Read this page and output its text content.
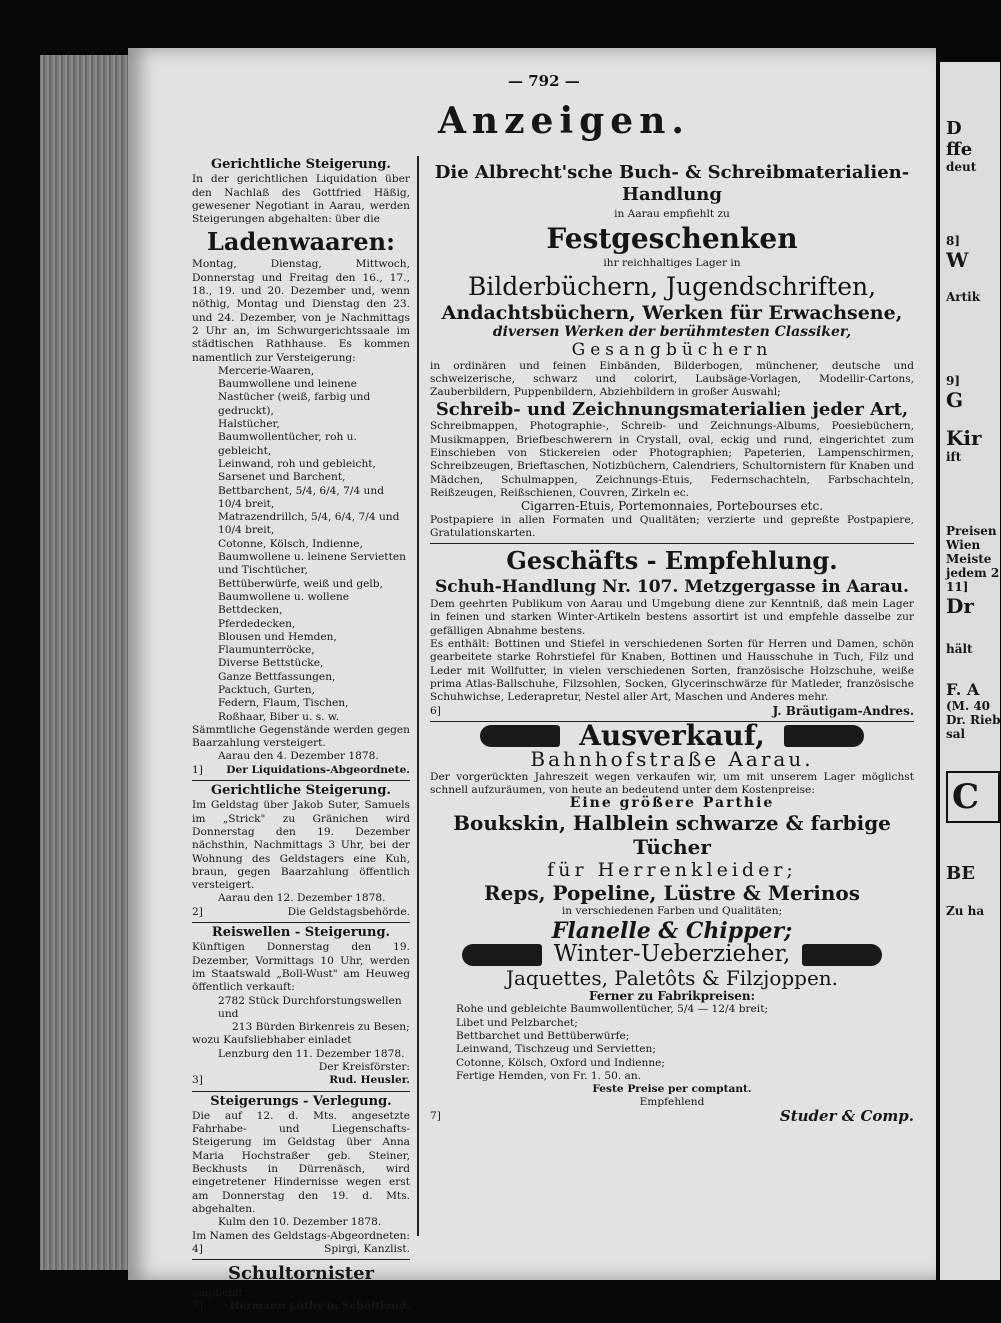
— 792 —
Anzeigen.
Gerichtliche Steigerung.
In der gerichtlichen Liquidation über den Nachlaß des Gottfried Häßig, gewesener Negotiant in Aarau, werden Steigerungen abgehalten: über die
Ladenwaaren:
Montag, Dienstag, Mittwoch, Donnerstag und Freitag den 16., 17., 18., 19. und 20. Dezember und, wenn nöthig, Montag und Dienstag den 23. und 24. Dezember, von je Nachmittags 2 Uhr an, im Schwurgerichtssaale im städtischen Rathhause. Es kommen namentlich zur Versteigerung:
Mercerie-Waaren,
Baumwollene und leinene Nastücher (weiß, farbig und gedruckt),
Halstücher,
Baumwollentücher, roh u. gebleicht,
Leinwand, roh und gebleicht,
Sarsenet und Barchent,
Bettbarchent, 5/4, 6/4, 7/4 und 10/4 breit,
Matrazendrillch, 5/4, 6/4, 7/4 und 10/4 breit,
Cotonne, Kölsch, Indienne,
Baumwollene u. leinene Servietten und Tischtücher,
Bettüberwürfe, weiß und gelb,
Baumwollene u. wollene Bettdecken,
Pferdedecken,
Blousen und Hemden,
Flaumunterröcke,
Diverse Bettstücke,
Ganze Bettfassungen,
Packtuch, Gurten,
Federn, Flaum, Tischen,
Roßhaar, Biber u. s. w.
Sämmtliche Gegenstände werden gegen Baarzahlung versteigert.
Aarau den 4. Dezember 1878.
1] Der Liquidations-Abgeordnete.
Gerichtliche Steigerung.
Im Geldstag über Jakob Suter, Samuels im „Strick" zu Gränichen wird Donnerstag den 19. Dezember nächsthin, Nachmittags 3 Uhr, bei der Wohnung des Geldstagers eine Kuh, braun, gegen Baarzahlung öffentlich versteigert.
Aarau den 12. Dezember 1878.
2]	Die Geldstagsbehörde.
Reiswellen - Steigerung.
Künftigen Donnerstag den 19. Dezember, Vormittags 10 Uhr, werden im Staatswald „Boll-Wust" am Heuweg öffentlich verkauft:
2782 Stück Durchforstungswellen und
213 Bürden Birkenreis zu Besen;
wozu Kaufsliebhaber einladet
Lenzburg den 11. Dezember 1878.
Der Kreisförster:
3]	Rud. Heusler.
Steigerungs - Verlegung.
Die auf 12. d. Mts. angesetzte Fahrhabe- und Liegenschafts-Steigerung im Geldstag über Anna Maria Hochstraßer geb. Steiner, Beckhusts in Dürrenäsch, wird eingetretener Hindernisse wegen erst am Donnerstag den 19. d. Mts. abgehalten.
Kulm den 10. Dezember 1878.
Im Namen des Geldstags-Abgeordneten:
4]	Spirgi, Kanzlist.
Schultornister
empfiehlt
5]	Hermann Lüthy in Schöftland.
Die Albrecht'sche Buch- & Schreibmaterialien-Handlung
in Aarau empfiehlt zu
Festgeschenken
ihr reichhaltiges Lager in
Bilderbüchern, Jugendschriften,
Andachtsbüchern, Werken für Erwachsene,
diversen Werken der berühmtesten Classiker,
Gesangbüchern
in ordinären und feinen Einbänden, Bilderbogen, münchener, deutsche und schweizerische, schwarz und colorirt, Laubsäge-Vorlagen, Modellir-Cartons, Zauberbildern, Puppenbildern, Abziehbildern in großer Auswahl;
Schreib- und Zeichnungsmaterialien jeder Art,
Schreibmappen, Photographie-, Schreib- und Zeichnungs-Albums, Poesiebüchern, Musikmappen, Briefbeschwerern in Crystall, oval, eckig und rund, eingerichtet zum Einschieben von Stickereien oder Photographien; Papeterien, Lampenschirmen, Schreibzeugen, Brieftaschen, Notizbüchern, Calendriers, Schultornistern für Knaben und Mädchen, Schulmappen, Zeichnungs-Etuis, Federnschachteln, Farbschachteln, Reißzeugen, Reißschienen, Couvren, Zirkeln ec.
Cigarren-Etuis, Portemonnaies, Portebourses etc.
Postpapiere in allen Formaten und Qualitäten; verzierte und gepreßte Postpapiere, Gratulationskarten.
Geschäfts - Empfehlung.
Schuh-Handlung Nr. 107. Metzgergasse in Aarau.
Dem geehrten Publikum von Aarau und Umgebung diene zur Kenntniß, daß mein Lager in feinen und starken Winter-Artikeln bestens assortirt ist und empfehle dasselbe zur gefälligen Abnahme bestens.
Es enthält: Bottinen und Stiefel in verschiedenen Sorten für Herren und Damen, schön gearbeitete starke Rohrstiefel für Knaben, Bottinen und Hausschuhe in Tuch, Filz und Leder mit Wollfutter, in vielen verschiedenen Sorten, französische Holzschuhe, weiße prima Atlas-Ballschuhe, Filzsohlen, Socken, Glycerinschwärze für Matleder, französische Schuhwichse, Lederapretur, Nestel aller Art, Maschen und Anderes mehr.
6]	J. Bräutigam-Andres.
Ausverkauf,
Bahnhofstraße Aarau.
Der vorgerückten Jahreszeit wegen verkaufen wir, um mit unserem Lager möglichst schnell aufzuräumen, von heute an bedeutend unter dem Kostenpreise:
Eine größere Parthie
Boukskin, Halblein schwarze & farbige Tücher
für Herrenkleider;
Reps, Popeline, Lüstre & Merinos
in verschiedenen Farben und Qualitäten;
Flanelle & Chipper;
Winter-Ueberzieher,
Jaquettes, Paletôts & Filzjoppen.
Ferner zu Fabrikpreisen:
Rohe und gebleichte Baumwollentücher, 5/4 — 12/4 breit;
Libet und Pelzbarchet;
Bettbarchet und Bettüberwürfe;
Leinwand, Tischzeug und Servietten;
Cotonne, Kölsch, Oxford und Indienne;
Fertige Hemden, von Fr. 1. 50. an.
Feste Preise per comptant.
Empfehlend
7]	Studer & Comp.
D
ffe
deut
8]
W
Artik
9]
G
Kir
ift
Preisen
Wien
Meiste
jedem 2
11]
Dr
hält
F. A
(M. 40
Dr. Rieb
sal
C
BE
Zu ha
